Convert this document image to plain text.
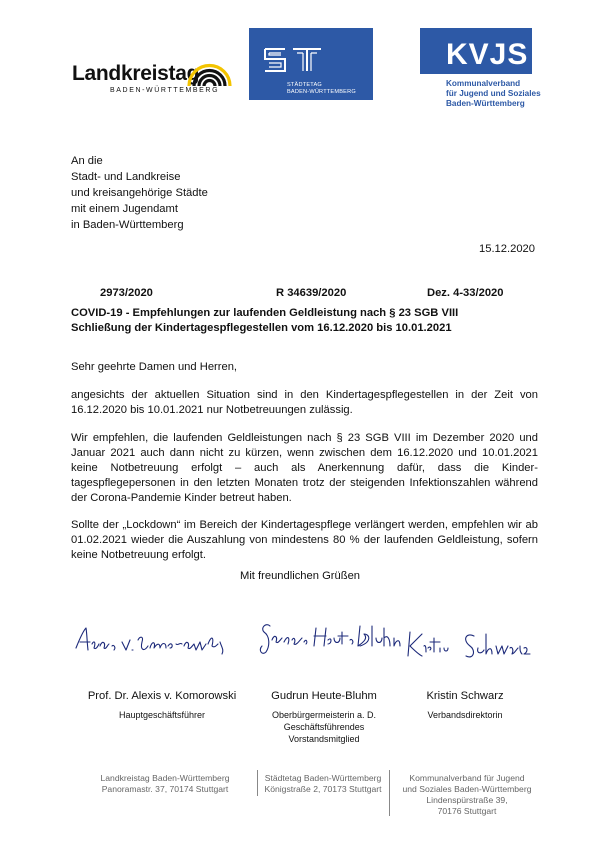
Landkreistag
BADEN-WÜRTTEMBERG
STÄDTETAG
BADEN-WÜRTTEMBERG
KVJS
Kommunalverband
für Jugend und Soziales
Baden-Württemberg
An die
Stadt- und Landkreise
und kreisangehörige Städte
mit einem Jugendamt
in Baden-Württemberg
15.12.2020
2973/2020	R 34639/2020	Dez. 4-33/2020
COVID-19 - Empfehlungen zur laufenden Geldleistung nach § 23 SGB VIII
Schließung der Kindertagespflegestellen vom 16.12.2020 bis 10.01.2021
Sehr geehrte Damen und Herren,
angesichts der aktuellen Situation sind in den Kindertagespflegestellen in der Zeit von 16.12.2020 bis 10.01.2021 nur Notbetreuungen zulässig.
Wir empfehlen, die laufenden Geldleistungen nach § 23 SGB VIII im Dezember 2020 und Januar 2021 auch dann nicht zu kürzen, wenn zwischen dem 16.12.2020 und 10.01.2021 keine Notbetreuung erfolgt – auch als Anerkennung dafür, dass die Kindertagespflegepersonen in den letzten Monaten trotz der steigenden Infektionszahlen während der Corona-Pandemie Kinder betreut haben.
Sollte der „Lockdown“ im Bereich der Kindertagespflege verlängert werden, empfehlen wir ab 01.02.2021 wieder die Auszahlung von mindestens 80 % der laufenden Geldleistung, sofern keine Notbetreuung erfolgt.
Mit freundlichen Grüßen
Prof. Dr. Alexis v. Komorowski
Hauptgeschäftsführer
Gudrun Heute-Bluhm
Oberbürgermeisterin a. D.
Geschäftsführendes
Vorstandsmitglied
Kristin Schwarz
Verbandsdirektorin
Landkreistag Baden-Württemberg
Panoramastr. 37, 70174 Stuttgart
Städtetag Baden-Württemberg
Königstraße 2, 70173 Stuttgart
Kommunalverband für Jugend
und Soziales Baden-Württemberg
Lindenspürstraße 39,
70176 Stuttgart
